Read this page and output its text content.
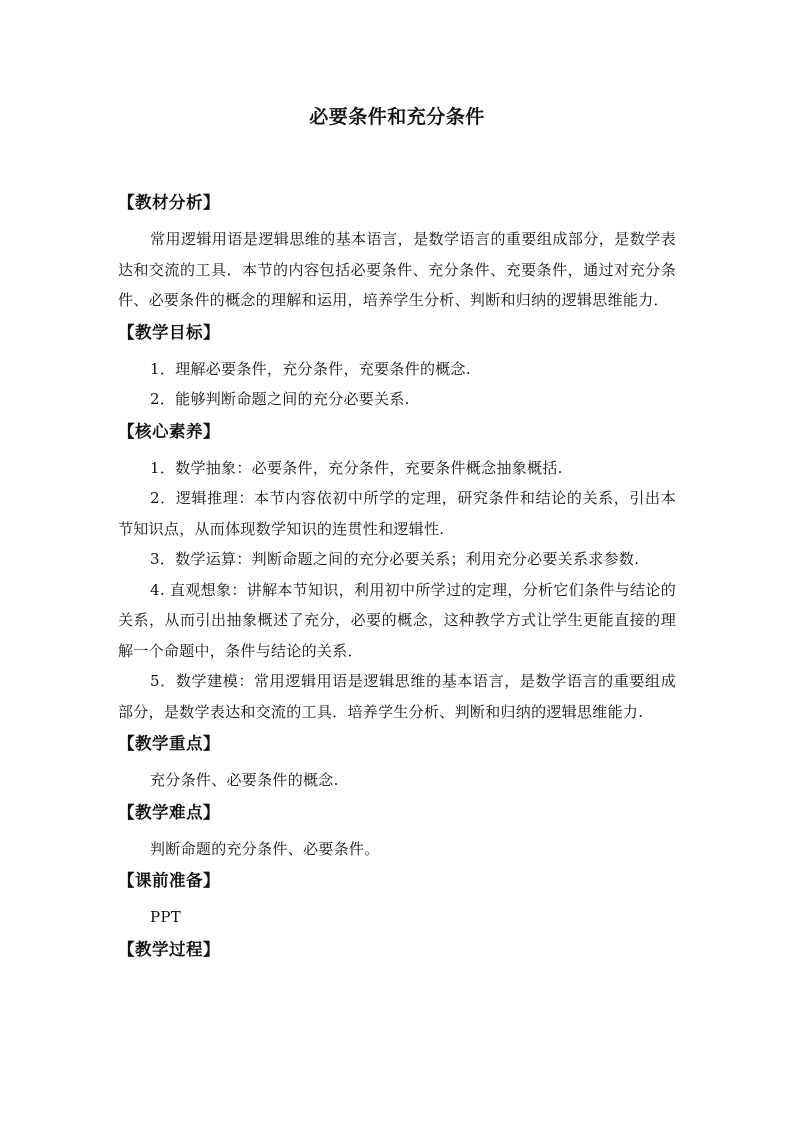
必要条件和充分条件
【教材分析】

常用逻辑用语是逻辑思维的基本语言，是数学语言的重要组成部分，是数学表达和交流的工具．本节的内容包括必要条件、充分条件、充要条件，通过对充分条件、必要条件的概念的理解和运用，培养学生分析、判断和归纳的逻辑思维能力．

【教学目标】

1．理解必要条件，充分条件，充要条件的概念.

2．能够判断命题之间的充分必要关系.

【核心素养】

1．数学抽象：必要条件，充分条件，充要条件概念抽象概括.

2．逻辑推理：本节内容依初中所学的定理，研究条件和结论的关系，引出本节知识点，从而体现数学知识的连贯性和逻辑性.

3．数学运算：判断命题之间的充分必要关系；利用充分必要关系求参数.

4. 直观想象：讲解本节知识，利用初中所学过的定理，分析它们条件与结论的关系，从而引出抽象概述了充分，必要的概念，这种教学方式让学生更能直接的理解一个命题中，条件与结论的关系．

5．数学建模：常用逻辑用语是逻辑思维的基本语言，是数学语言的重要组成部分，是数学表达和交流的工具．培养学生分析、判断和归纳的逻辑思维能力.

【教学重点】

充分条件、必要条件的概念.

【教学难点】

判断命题的充分条件、必要条件。

【课前准备】

PPT

【教学过程】
